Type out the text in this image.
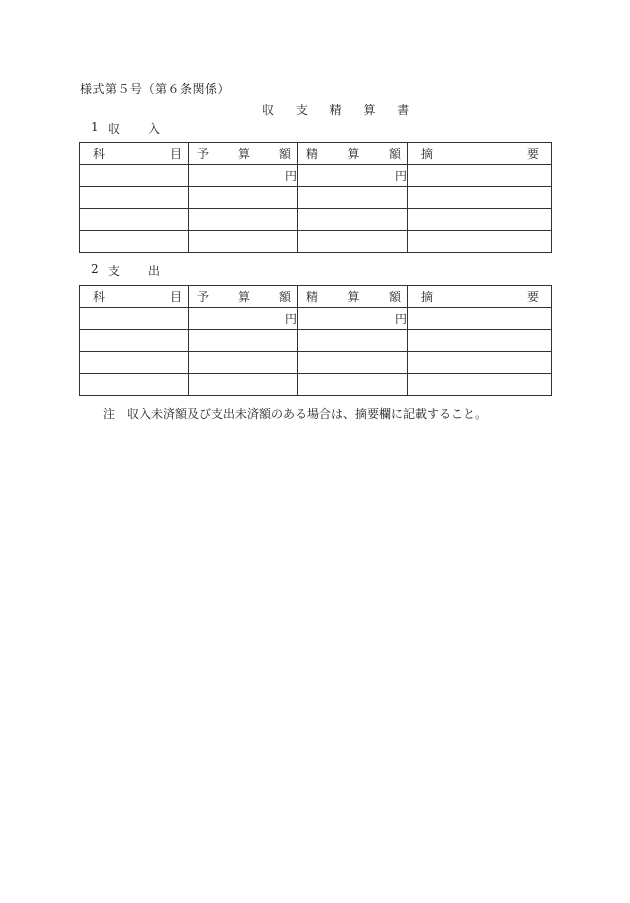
様式第５号（第６条関係）
収 支 精 算 書
1 収	入
科 目	予 算 額	精 算 額	摘 要

	円	円	

2 支	出
科 目	予 算 額	精 算 額	摘 要

	円	円	

注 収入未済額及び支出未済額のある場合は、摘要欄に記載すること。
